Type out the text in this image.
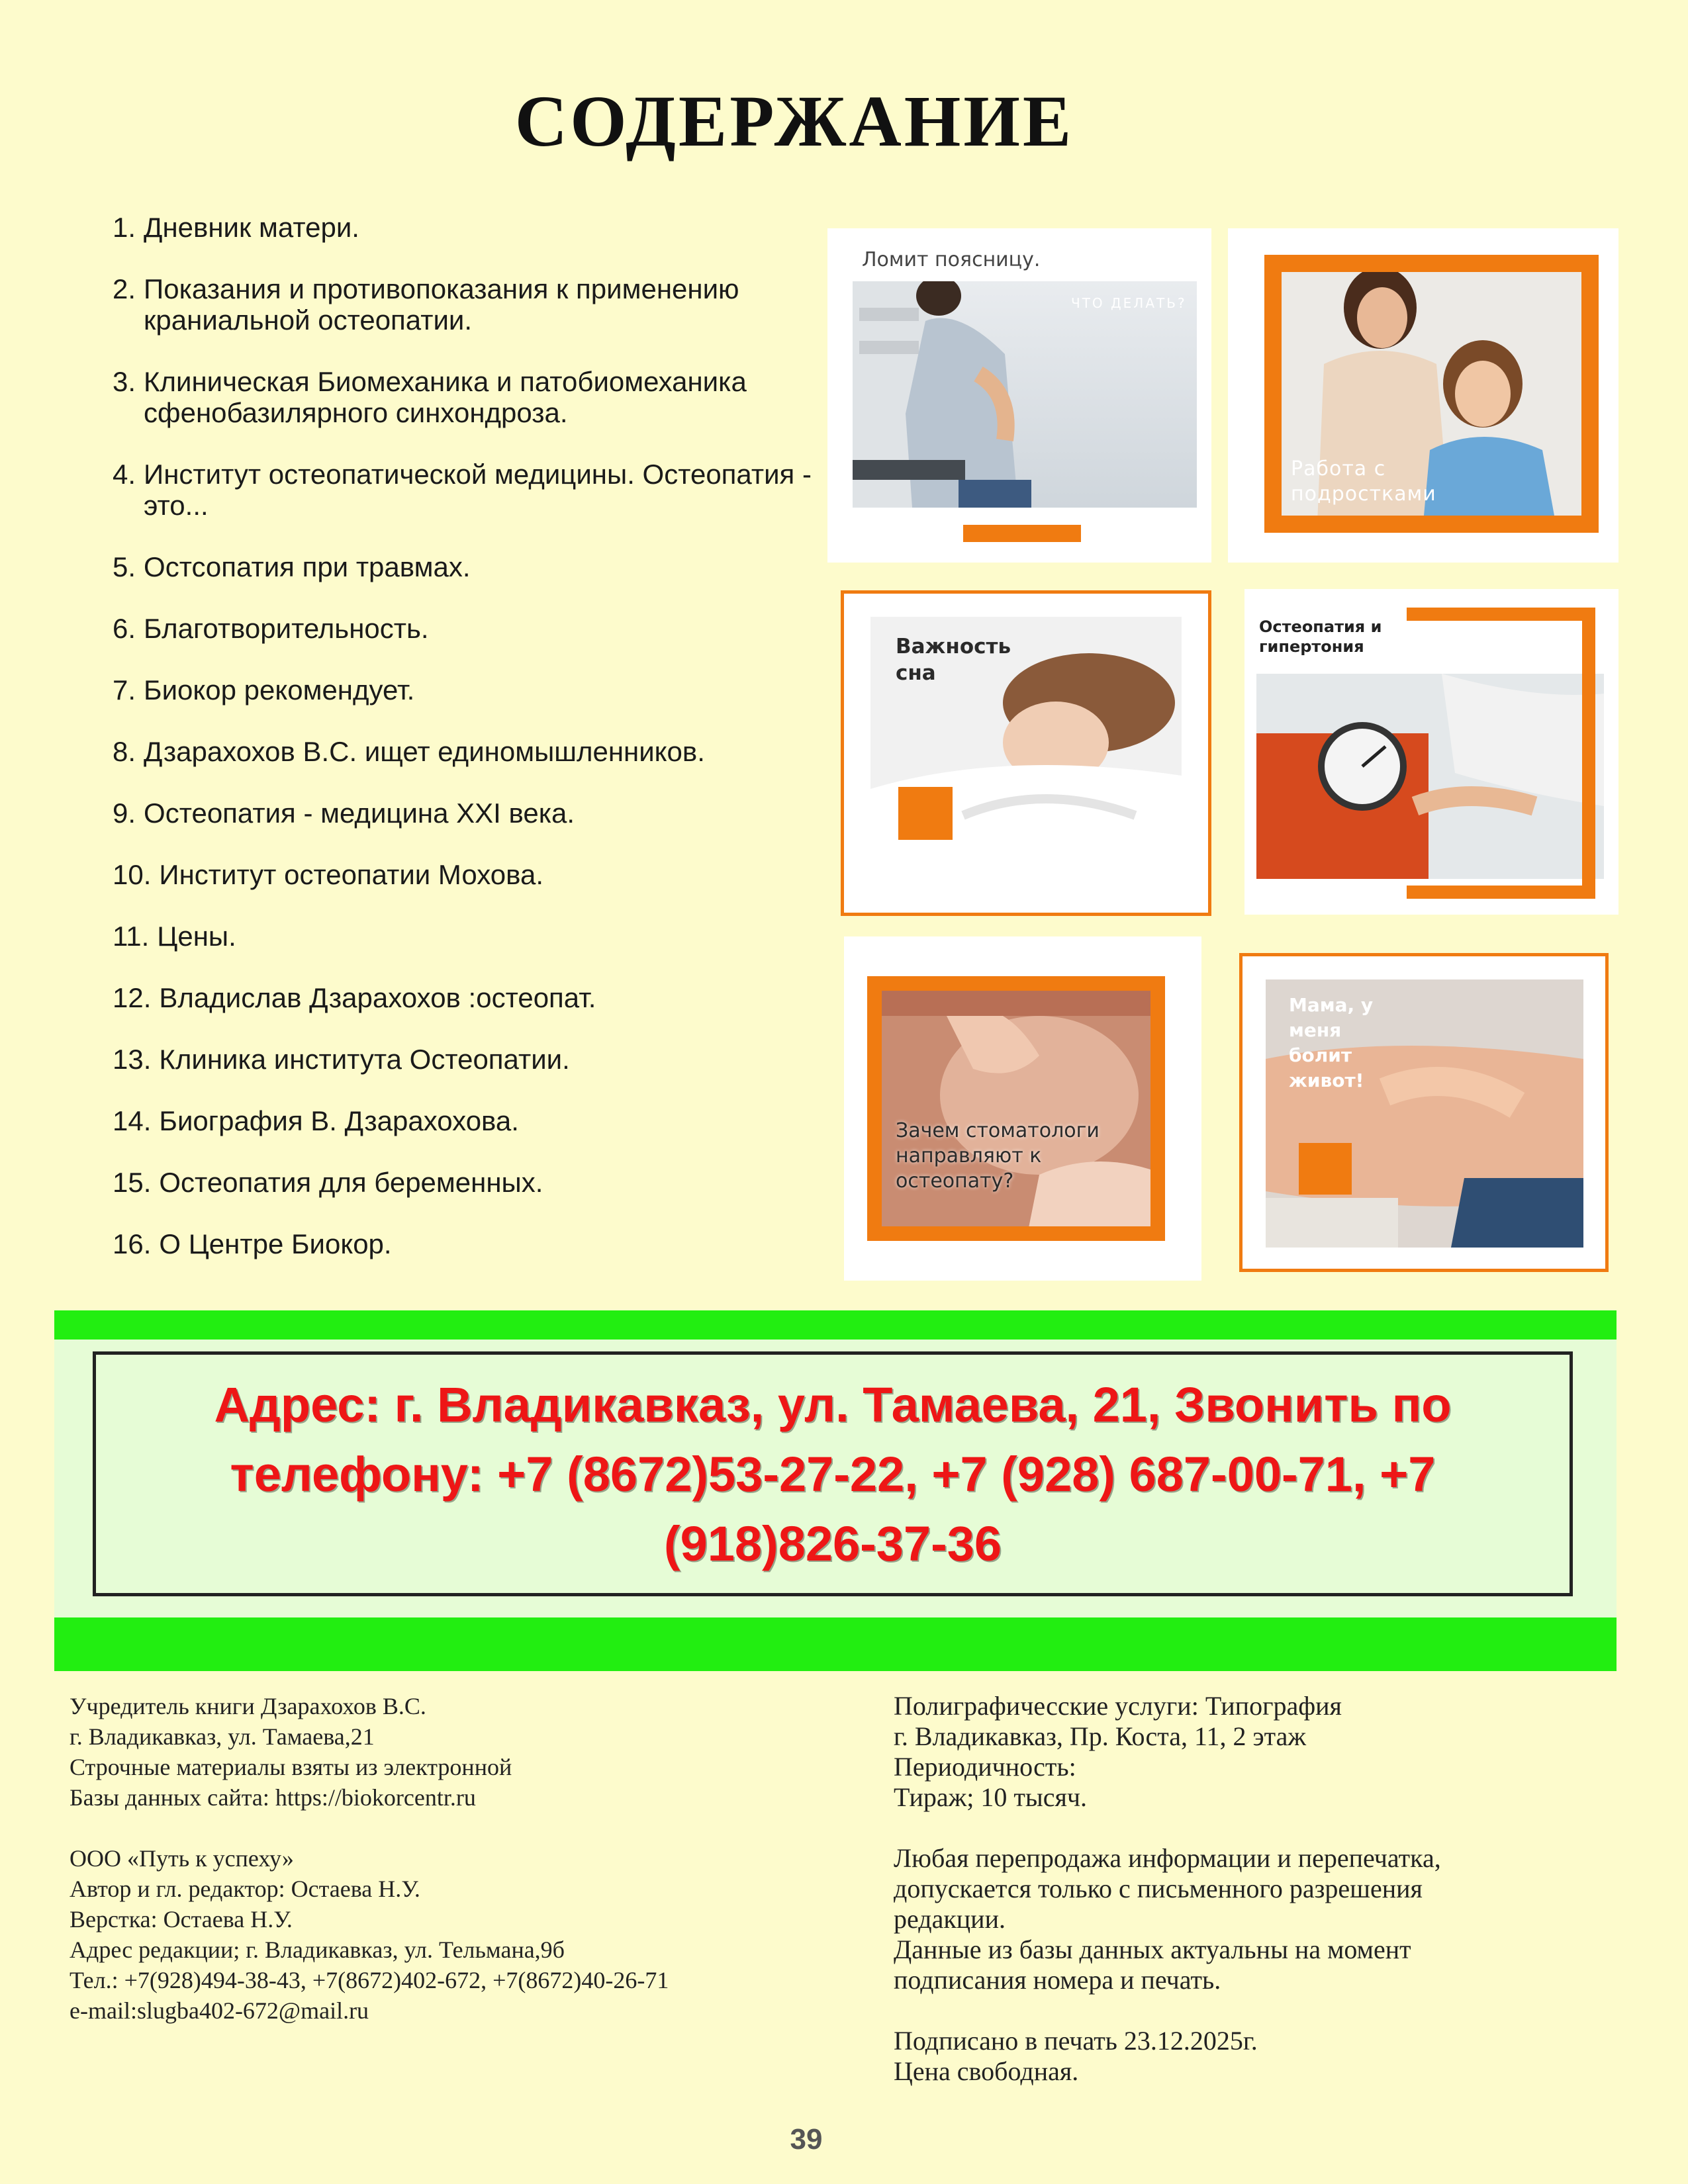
СОДЕРЖАНИЕ
1. Дневник матери.
2. Показания и противопоказания к применению краниальной остеопатии.
3. Клиническая Биомеханика и патобиомеханика сфенобазилярного синхондроза.
4. Институт остеопатической медицины. Остеопатия - это...
5. Остсопатия при травмах.
6. Благотворительность.
7. Биокор рекомендует.
8. Дзарахохов В.С. ищет единомышленников.
9. Остеопатия - медицина XXI века.
10. Институт остеопатии Мохова.
11. Цены.
12. Владислав Дзарахохов :остеопат.
13. Клиника института Остеопатии.
14. Биография В. Дзарахохова.
15. Остеопатия для беременных.
16. О Центре Биокор.
Ломит поясницу.
ЧТО ДЕЛАТЬ?
Работа с подростками
Важность сна
Остеопатия и гипертония
Зачем стоматологи направляют к остеопату?
Мама, у меня болит живот!
Адрес: г. Владикавказ, ул. Тамаева, 21, Звонить по телефону: +7 (8672)53-27-22, +7 (928) 687-00-71, +7 (918)826-37-36

Учредитель книги Дзарахохов В.С.

г. Владикавказ, ул. Тамаева,21

Строчные материалы взяты из электронной

Базы данных сайта: https://biokorcentr.ru

ООО «Путь к успеху»

Автор и гл. редактор: Остаева Н.У.

Верстка: Остаева Н.У.

Адрес редакции; г. Владикавказ, ул. Тельмана,9б

Тел.: +7(928)494-38-43, +7(8672)402-672, +7(8672)40-26-71

e-mail:slugba402-672@mail.ru

Полиграфичесские услуги: Типография

г. Владикавказ, Пр. Коста, 11, 2 этаж

Периодичность:

Тираж; 10 тысяч.

Любая перепродажа информации и перепечатка,

допускается только с письменного разрешения

редакции.

Данные из базы данных актуальны на момент

подписания номера и печать.

Подписано в печать 23.12.2025г.

Цена свободная.

39
